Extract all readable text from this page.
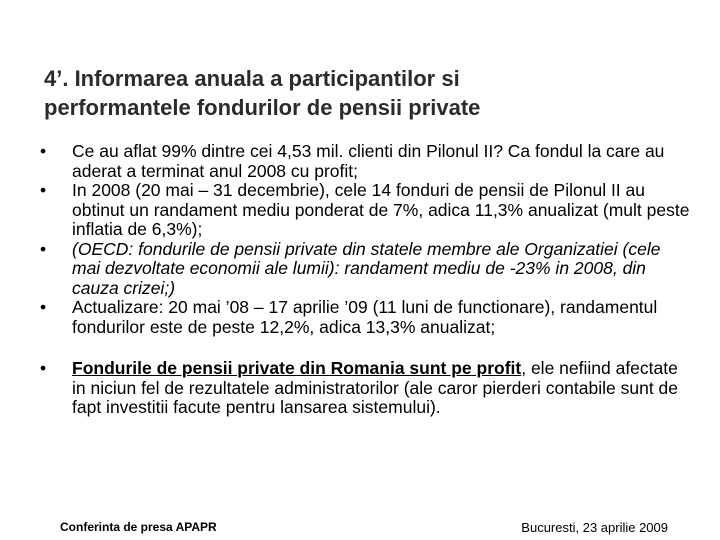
4’. Informarea anuala a participantilor si
performantele fondurilor de pensii private
•	Ce au aflat 99% dintre cei 4,53 mil. clienti din Pilonul II? Ca fondul la care au aderat a terminat anul 2008 cu profit;
•	In 2008 (20 mai – 31 decembrie), cele 14 fonduri de pensii de Pilonul II au obtinut un randament mediu ponderat de 7%, adica 11,3% anualizat (mult peste inflatia de 6,3%);
•	(OECD: fondurile de pensii private din statele membre ale Organizatiei (cele mai dezvoltate economii ale lumii): randament mediu de -23% in 2008, din cauza crizei;)
•	Actualizare: 20 mai ’08 – 17 aprilie ’09 (11 luni de functionare), randamentul fondurilor este de peste 12,2%, adica 13,3% anualizat;
•	Fondurile de pensii private din Romania sunt pe profit, ele nefiind afectate in niciun fel de rezultatele administratorilor (ale caror pierderi contabile sunt de fapt investitii facute pentru lansarea sistemului).
Conferinta de presa APAPR	Bucuresti, 23 aprilie 2009
